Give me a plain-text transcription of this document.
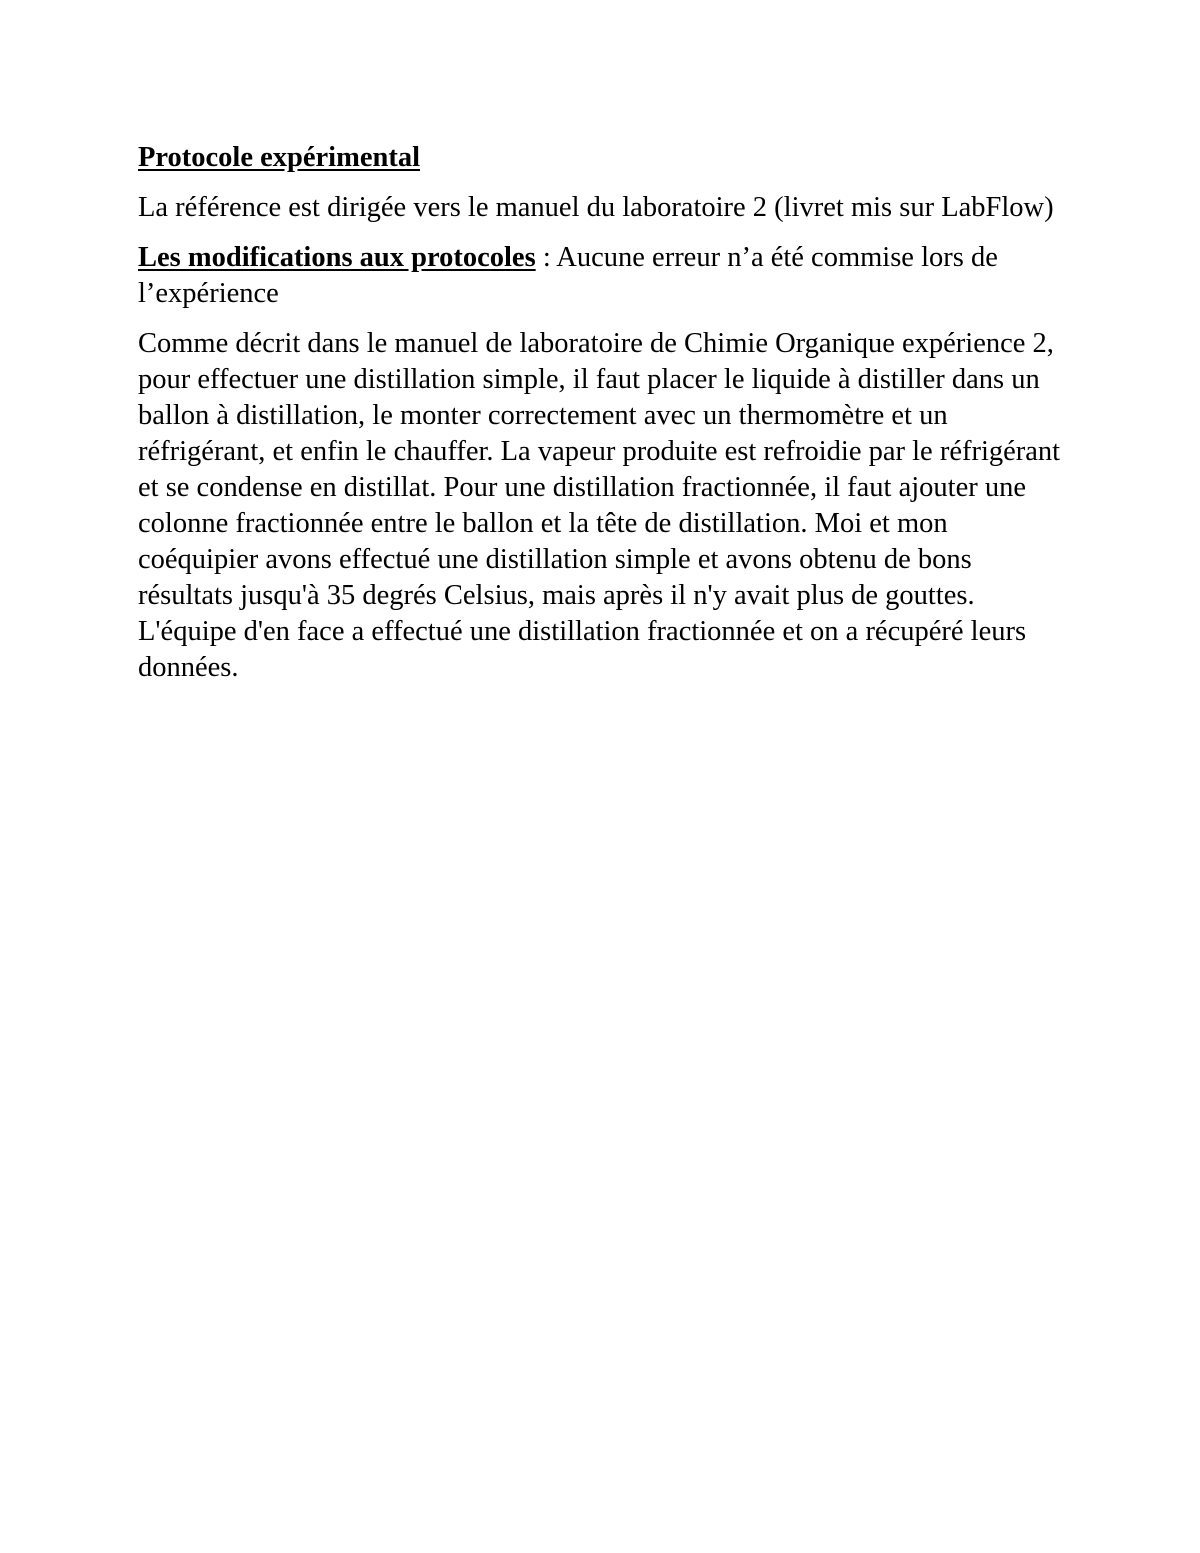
Protocole expérimental

La référence est dirigée vers le manuel du laboratoire 2 (livret mis sur LabFlow)

Les modifications aux protocoles : Aucune erreur n’a été commise lors de l’expérience

Comme décrit dans le manuel de laboratoire de Chimie Organique expérience 2, pour effectuer une distillation simple, il faut placer le liquide à distiller dans un ballon à distillation, le monter correctement avec un thermomètre et un réfrigérant, et enfin le chauffer. La vapeur produite est refroidie par le réfrigérant et se condense en distillat. Pour une distillation fractionnée, il faut ajouter une colonne fractionnée entre le ballon et la tête de distillation. Moi et mon coéquipier avons effectué une distillation simple et avons obtenu de bons résultats jusqu'à 35 degrés Celsius, mais après il n'y avait plus de gouttes. L'équipe d'en face a effectué une distillation fractionnée et on a récupéré leurs données.
